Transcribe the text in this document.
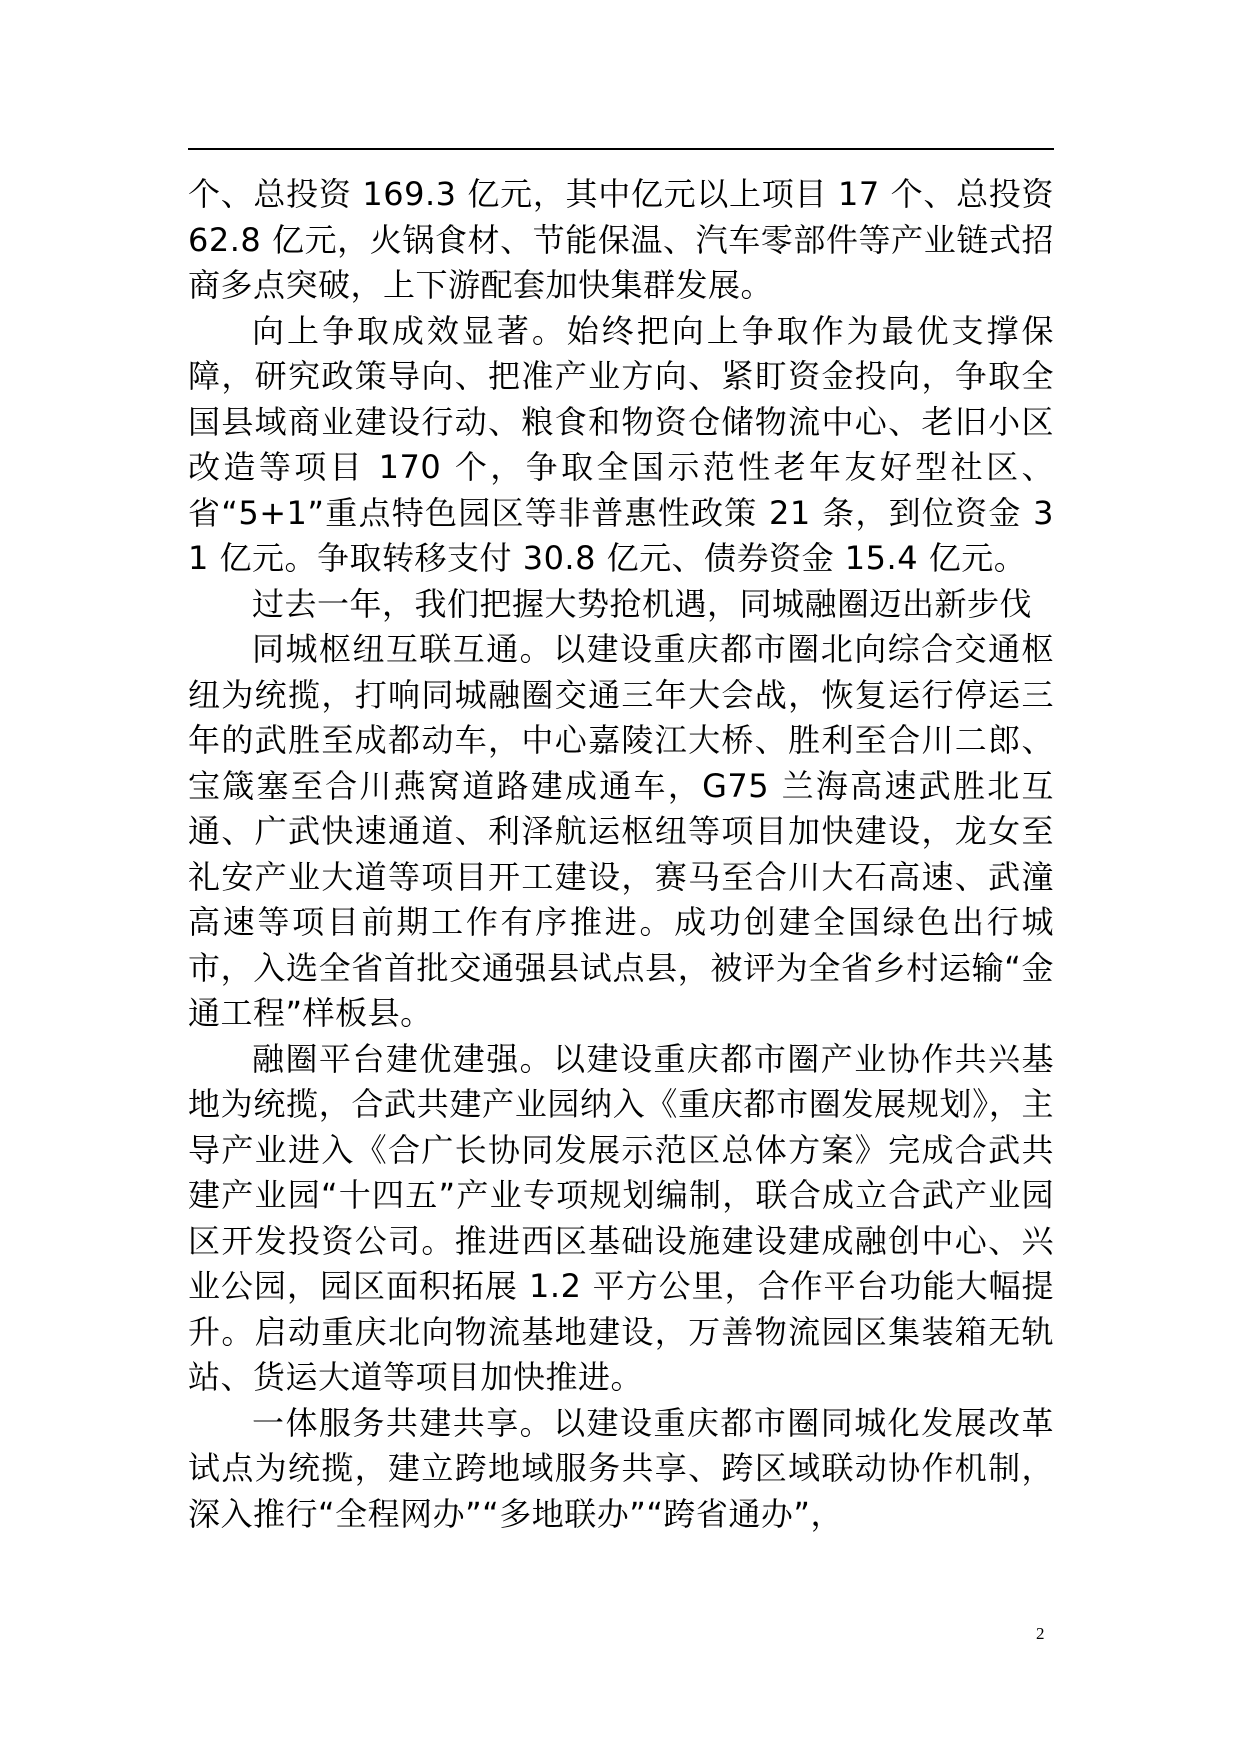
个、总投资 169.3 亿元，其中亿元以上项目 17 个、总投资 62.8 亿元，火锅食材、节能保温、汽车零部件等产业链式招商多点突破，上下游配套加快集群发展。

向上争取成效显著。始终把向上争取作为最优支撑保障，研究政策导向、把准产业方向、紧盯资金投向，争取全国县域商业建设行动、粮食和物资仓储物流中心、老旧小区改造等项目 170 个，争取全国示范性老年友好型社区、省“5+1”重点特色园区等非普惠性政策 21 条，到位资金 31 亿元。争取转移支付 30.8 亿元、债券资金 15.4 亿元。

过去一年，我们把握大势抢机遇，同城融圈迈出新步伐

同城枢纽互联互通。以建设重庆都市圈北向综合交通枢纽为统揽，打响同城融圈交通三年大会战，恢复运行停运三年的武胜至成都动车，中心嘉陵江大桥、胜利至合川二郎、宝箴塞至合川燕窝道路建成通车，G75 兰海高速武胜北互通、广武快速通道、利泽航运枢纽等项目加快建设，龙女至礼安产业大道等项目开工建设，赛马至合川大石高速、武潼高速等项目前期工作有序推进。成功创建全国绿色出行城市，入选全省首批交通强县试点县，被评为全省乡村运输“金通工程”样板县。

融圈平台建优建强。以建设重庆都市圈产业协作共兴基地为统揽，合武共建产业园纳入《重庆都市圈发展规划》，主导产业进入《合广长协同发展示范区总体方案》完成合武共建产业园“十四五”产业专项规划编制，联合成立合武产业园区开发投资公司。推进西区基础设施建设建成融创中心、兴业公园，园区面积拓展 1.2 平方公里，合作平台功能大幅提升。启动重庆北向物流基地建设，万善物流园区集装箱无轨站、货运大道等项目加快推进。

一体服务共建共享。以建设重庆都市圈同城化发展改革试点为统揽，建立跨地域服务共享、跨区域联动协作机制，深入推行“全程网办”“多地联办”“跨省通办”，

2
